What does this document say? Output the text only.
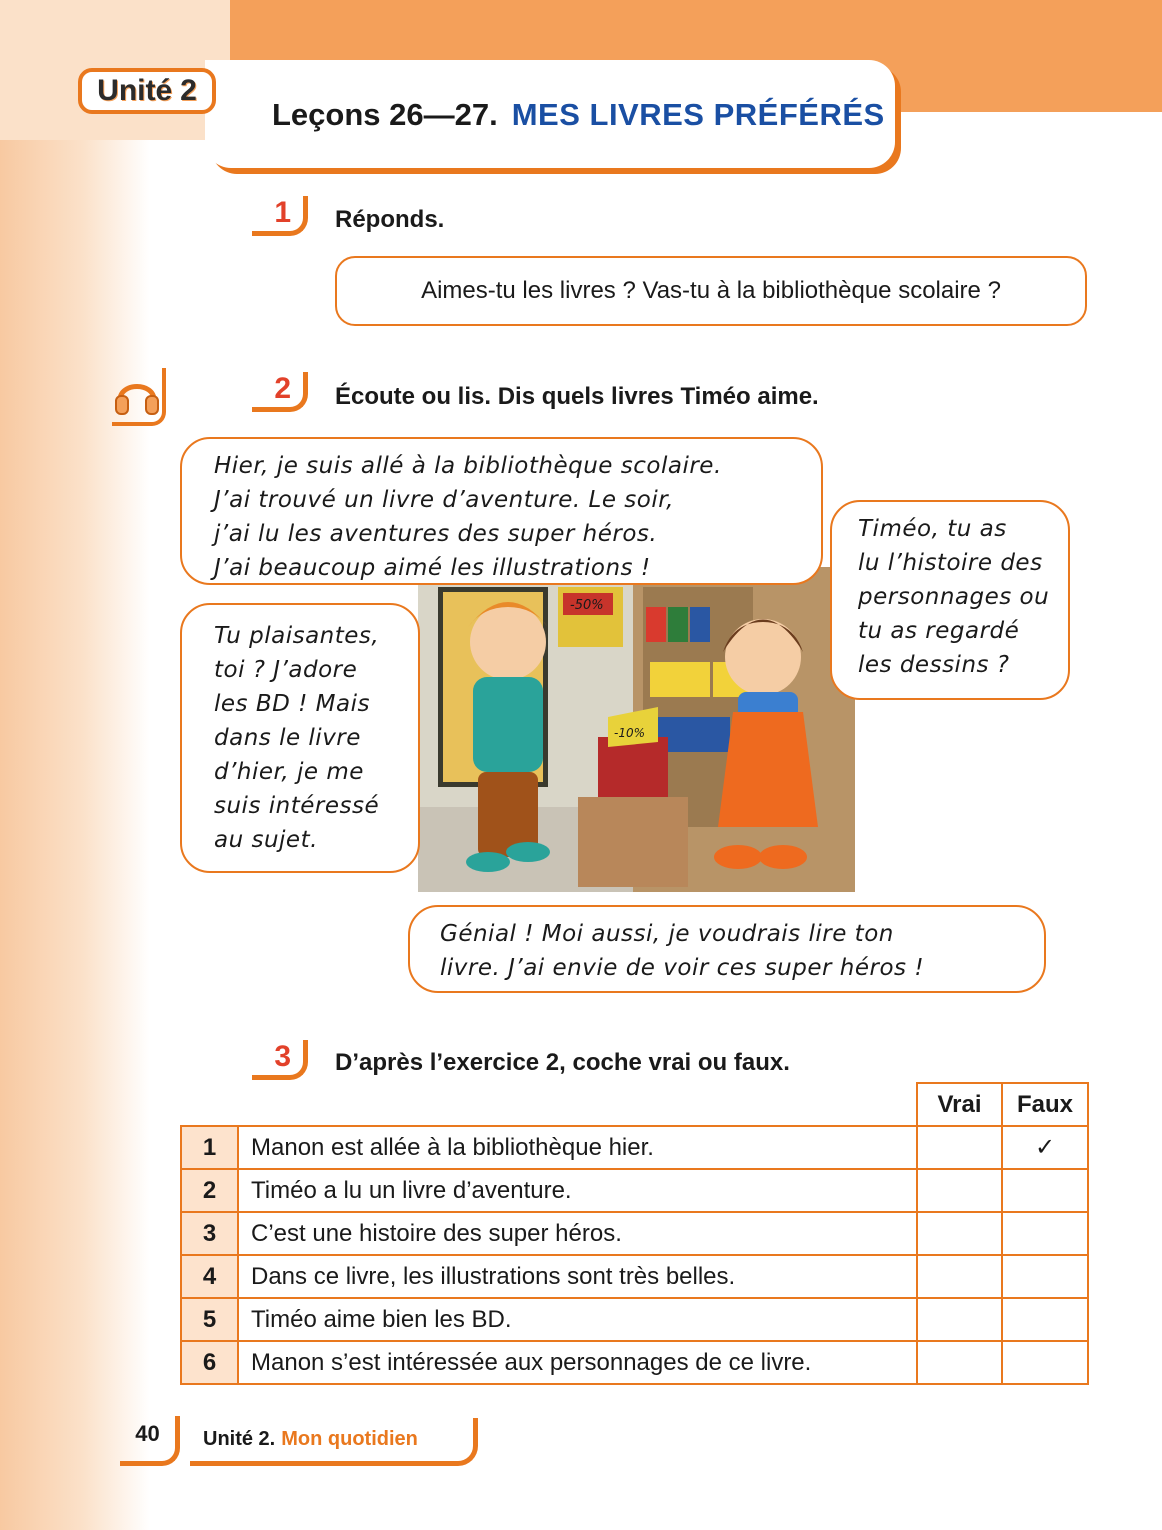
Unité 2
Leçons 26—27. MES LIVRES PRÉFÉRÉS
1	Réponds.
Aimes-tu les livres ? Vas-tu à la bibliothèque scolaire ?
2	Écoute ou lis. Dis quels livres Timéo aime.
-50%
-10%

Hier, je suis allé à la bibliothèque scolaire.

J’ai trouvé un livre d’aventure. Le soir,

j’ai lu les aventures des super héros.

J’ai beaucoup aimé les illustrations !

Timéo, tu as

lu l’histoire des

personnages ou

tu as regardé

les dessins ?

Tu plaisantes,

toi ? J’adore

les BD ! Mais

dans le livre

d’hier, je me

suis intéressé

au sujet.

Génial ! Moi aussi, je voudrais lire ton

livre. J’ai envie de voir ces super héros !

3	D’après l’exercice 2, coche vrai ou faux.
		Vrai	Faux
1	Manon est allée à la bibliothèque hier.		✓
2	Timéo a lu un livre d’aventure.		
3	C’est une histoire des super héros.		
4	Dans ce livre, les illustrations sont très belles.		
5	Timéo aime bien les BD.		
6	Manon s’est intéressée aux personnages de ce livre.		
40	Unité 2. Mon quotidien
